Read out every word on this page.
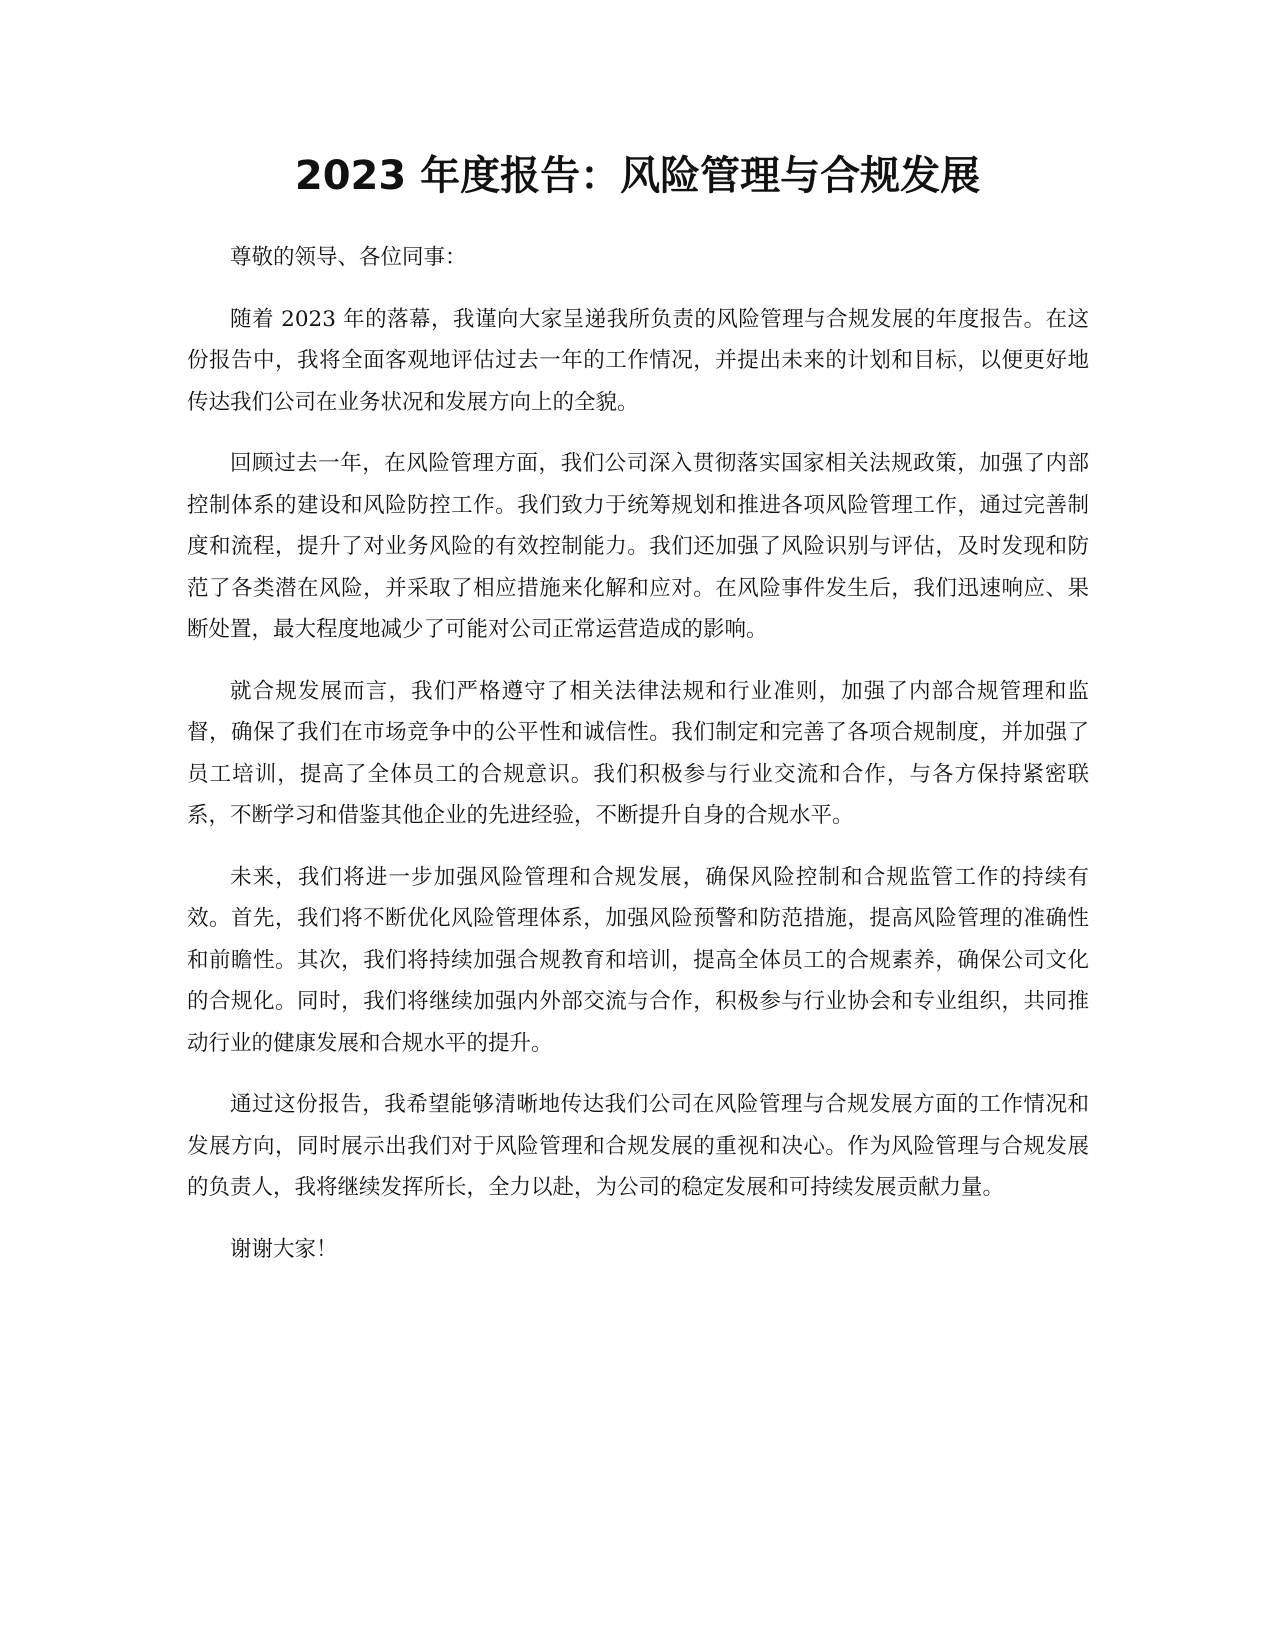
2023 年度报告：风险管理与合规发展

尊敬的领导、各位同事：

随着 2023 年的落幕，我谨向大家呈递我所负责的风险管理与合规发展的年度报告。在这份报告中，我将全面客观地评估过去一年的工作情况，并提出未来的计划和目标，以便更好地传达我们公司在业务状况和发展方向上的全貌。

回顾过去一年，在风险管理方面，我们公司深入贯彻落实国家相关法规政策，加强了内部控制体系的建设和风险防控工作。我们致力于统筹规划和推进各项风险管理工作，通过完善制度和流程，提升了对业务风险的有效控制能力。我们还加强了风险识别与评估，及时发现和防范了各类潜在风险，并采取了相应措施来化解和应对。在风险事件发生后，我们迅速响应、果断处置，最大程度地减少了可能对公司正常运营造成的影响。

就合规发展而言，我们严格遵守了相关法律法规和行业准则，加强了内部合规管理和监督，确保了我们在市场竞争中的公平性和诚信性。我们制定和完善了各项合规制度，并加强了员工培训，提高了全体员工的合规意识。我们积极参与行业交流和合作，与各方保持紧密联系，不断学习和借鉴其他企业的先进经验，不断提升自身的合规水平。

未来，我们将进一步加强风险管理和合规发展，确保风险控制和合规监管工作的持续有效。首先，我们将不断优化风险管理体系，加强风险预警和防范措施，提高风险管理的准确性和前瞻性。其次，我们将持续加强合规教育和培训，提高全体员工的合规素养，确保公司文化的合规化。同时，我们将继续加强内外部交流与合作，积极参与行业协会和专业组织，共同推动行业的健康发展和合规水平的提升。

通过这份报告，我希望能够清晰地传达我们公司在风险管理与合规发展方面的工作情况和发展方向，同时展示出我们对于风险管理和合规发展的重视和决心。作为风险管理与合规发展的负责人，我将继续发挥所长，全力以赴，为公司的稳定发展和可持续发展贡献力量。

谢谢大家！
